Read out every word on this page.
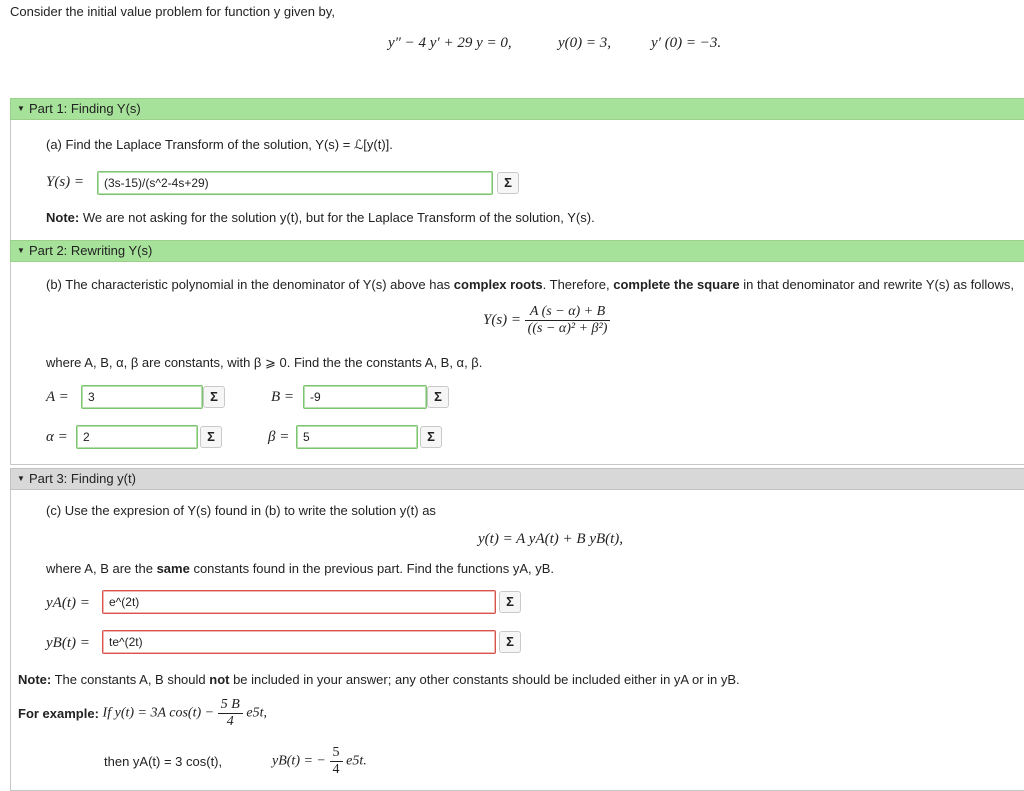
Consider the initial value problem for function y given by,
y″ − 4 y′ + 29 y = 0,	y(0) = 3,	y′ (0) = −3.
▼ Part 1: Finding Y(s)
(a) Find the Laplace Transform of the solution, Y(s) = ℒ[y(t)].
Y(s) =	(3s-15)/(s^2-4s+29)	Σ
Note: We are not asking for the solution y(t), but for the Laplace Transform of the solution, Y(s).
▼ Part 2: Rewriting Y(s)
(b) The characteristic polynomial in the denominator of Y(s) above has complex roots. Therefore, complete the square in that denominator and rewrite Y(s) as follows,
$Y(s) = \frac{A (s - \alpha) + B}{\text{((s − α)² + β²)}}$
where A, B, α, β are constants, with β ⩾ 0. Find the the constants A, B, α, β.
A =	3	Σ	B =	-9	Σ
α =	2	Σ	β =	5	Σ
▼ Part 3: Finding y(t)
(c) Use the expresion of Y(s) found in (b) to write the solution y(t) as
y(t) = A yA(t) + B yB(t),
where A, B are the same constants found in the previous part. Find the functions yA, yB.
yA(t) =	e^(2t)	Σ
yB(t) =	te^(2t)	Σ
Note: The constants A, B should not be included in your answer; any other constants should be included either in yA or in yB.
For example: If y(t) = 3A $\cos(t) - \frac{5 B}{4} e5t$,
then yA(t) = 3 cos(t),	yB(t) = − $\frac{5}{4} e5t$.
